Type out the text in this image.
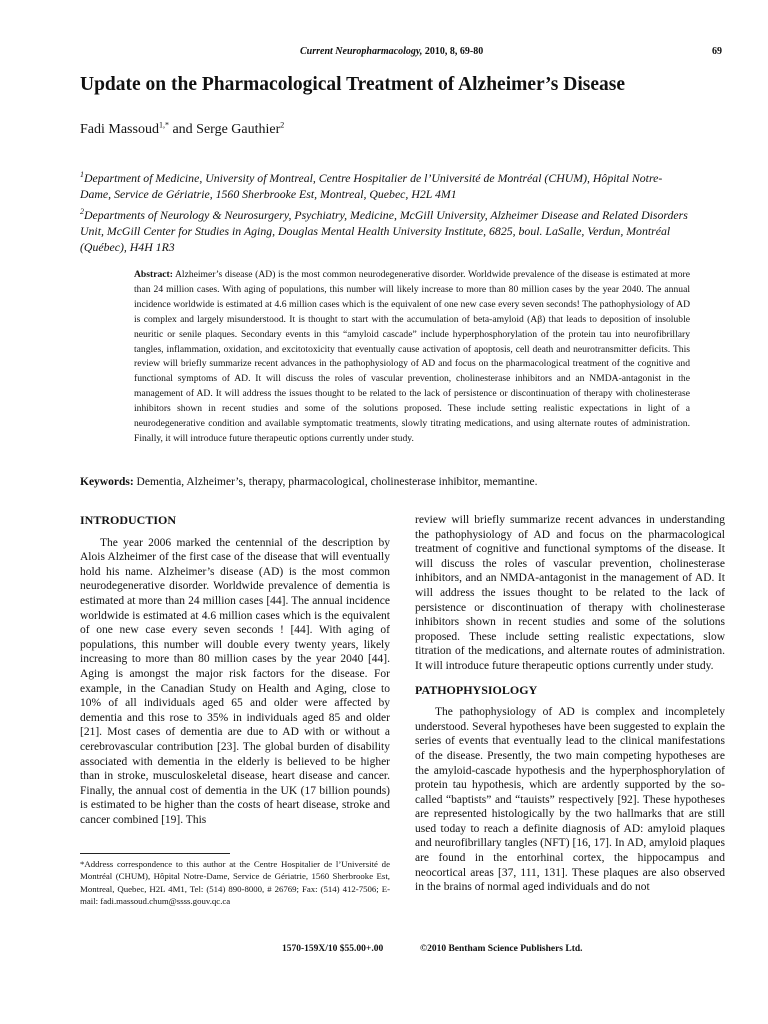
Current Neuropharmacology, 2010, 8, 69-80	69
Update on the Pharmacological Treatment of Alzheimer’s Disease
Fadi Massoud$^{1,*}$ and Serge Gauthier$^2$

$^1$Department of Medicine, University of Montreal, Centre Hospitalier de l’Université de Montréal (CHUM), Hôpital Notre-Dame, Service de Gériatrie, 1560 Sherbrooke Est, Montreal, Quebec, H2L 4M1

$^2$Departments of Neurology & Neurosurgery, Psychiatry, Medicine, McGill University, Alzheimer Disease and Related Disorders Unit, McGill Center for Studies in Aging, Douglas Mental Health University Institute, 6825, boul. LaSalle, Verdun, Montréal (Québec), H4H 1R3

Abstract: Alzheimer’s disease (AD) is the most common neurodegenerative disorder. Worldwide prevalence of the disease is estimated at more than 24 million cases. With aging of populations, this number will likely increase to more than 80 million cases by the year 2040. The annual incidence worldwide is estimated at 4.6 million cases which is the equivalent of one new case every seven seconds! The pathophysiology of AD is complex and largely misunderstood. It is thought to start with the accumulation of beta-amyloid (Aβ) that leads to deposition of insoluble neuritic or senile plaques. Secondary events in this “amyloid cascade” include hyperphosphorylation of the protein tau into neurofibrillary tangles, inflammation, oxidation, and excitotoxicity that eventually cause activation of apoptosis, cell death and neurotransmitter deficits. This review will briefly summarize recent advances in the pathophysiology of AD and focus on the pharmacological treatment of the cognitive and functional symptoms of AD. It will discuss the roles of vascular prevention, cholinesterase inhibitors and an NMDA-antagonist in the management of AD. It will address the issues thought to be related to the lack of persistence or discontinuation of therapy with cholinesterase inhibitors shown in recent studies and some of the solutions proposed. These include setting realistic expectations in light of a neurodegenerative condition and available symptomatic treatments, slowly titrating medications, and using alternate routes of administration. Finally, it will introduce future therapeutic options currently under study.

Keywords: Dementia, Alzheimer’s, therapy, pharmacological, cholinesterase inhibitor, memantine.

INTRODUCTION

The year 2006 marked the centennial of the description by Alois Alzheimer of the first case of the disease that will eventually hold his name. Alzheimer’s disease (AD) is the most common neurodegenerative disorder. Worldwide prevalence of dementia is estimated at more than 24 million cases [44]. The annual incidence worldwide is estimated at 4.6 million cases which is the equivalent of one new case every seven seconds ! [44]. With aging of populations, this number will double every twenty years, likely increasing to more than 80 million cases by the year 2040 [44]. Aging is amongst the major risk factors for the disease. For example, in the Canadian Study on Health and Aging, close to 10% of all individuals aged 65 and older were affected by dementia and this rose to 35% in individuals aged 85 and older [21]. Most cases of dementia are due to AD with or without a cerebrovascular contribution [23]. The global burden of disability associated with dementia in the elderly is believed to be higher than in stroke, musculoskeletal disease, heart disease and cancer. Finally, the annual cost of dementia in the UK (17 billion pounds) is estimated to be higher than the costs of heart disease, stroke and cancer combined [19]. This

review will briefly summarize recent advances in understanding the pathophysiology of AD and focus on the pharmacological treatment of cognitive and functional symptoms of the disease. It will discuss the roles of vascular prevention, cholinesterase inhibitors, and an NMDA-antagonist in the management of AD. It will address the issues thought to be related to the lack of persistence or discontinuation of therapy with cholinesterase inhibitors shown in recent studies and some of the solutions proposed. These include setting realistic expectations, slow titration of the medications, and alternate routes of administration. It will introduce future therapeutic options currently under study.

PATHOPHYSIOLOGY

The pathophysiology of AD is complex and incompletely understood. Several hypotheses have been suggested to explain the series of events that eventually lead to the clinical manifestations of the disease. Presently, the two main competing hypotheses are the amyloid-cascade hypothesis and the hyperphosphorylation of protein tau hypothesis, which are ardently supported by the so-called “baptists” and “tauists” respectively [92]. These hypotheses are represented histologically by the two hallmarks that are still used today to reach a definite diagnosis of AD: amyloid plaques and neurofibrillary tangles (NFT) [16, 17]. In AD, amyloid plaques are found in the entorhinal cortex, the hippocampus and neocortical areas [37, 111, 131]. These plaques are also observed in the brains of normal aged individuals and do not

*Address correspondence to this author at the Centre Hospitalier de l’Université de Montréal (CHUM), Hôpital Notre-Dame, Service de Gériatrie, 1560 Sherbrooke Est, Montreal, Quebec, H2L 4M1, Tel: (514) 890-8000, # 26769; Fax: (514) 412-7506; E-mail: fadi.massoud.chum@ssss.gouv.qc.ca

1570-159X/10 $55.00+.00	©2010 Bentham Science Publishers Ltd.
